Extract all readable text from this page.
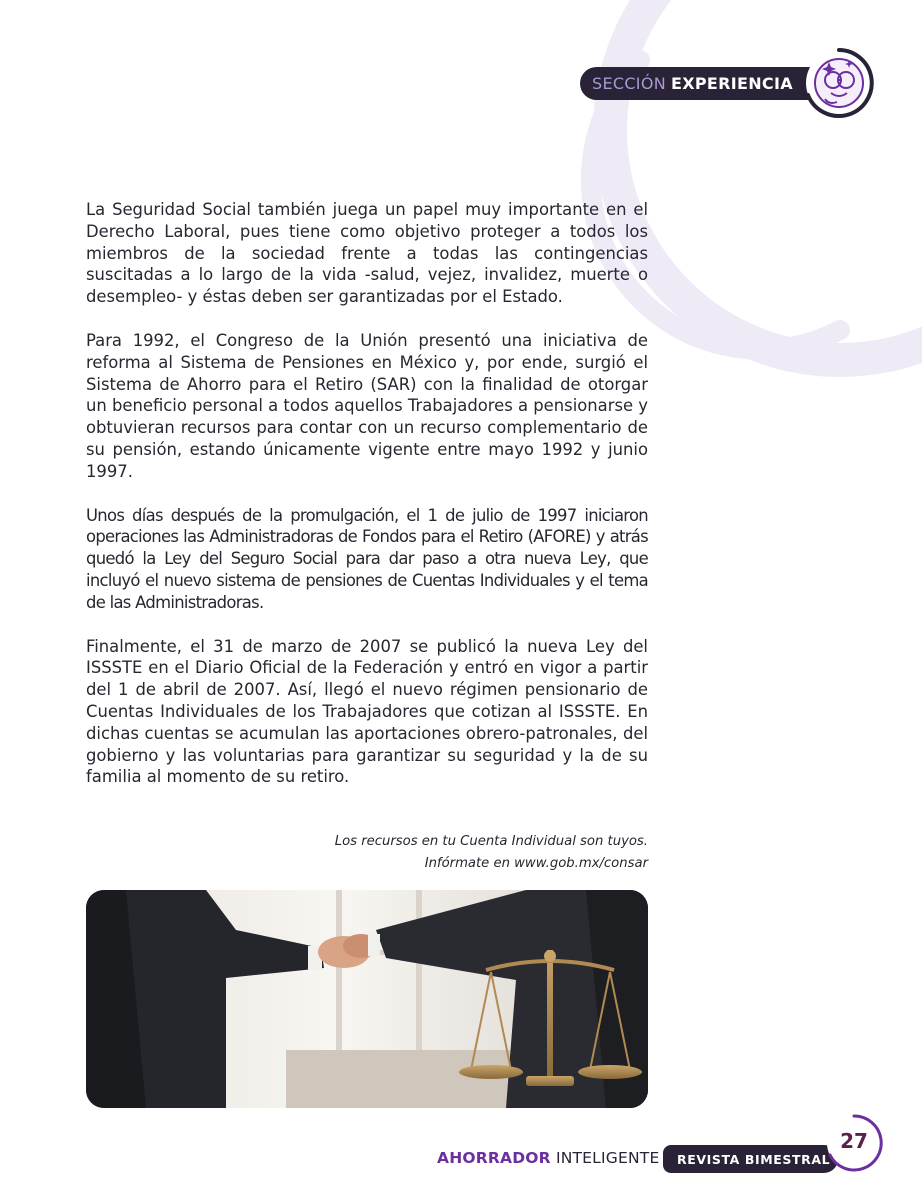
SECCIÓN EXPERIENCIA

La Seguridad Social también juega un papel muy importante en el Derecho Laboral, pues tiene como objetivo proteger a todos los miembros de la sociedad frente a todas las contingencias suscitadas a lo largo de la vida -salud, vejez, invalidez, muerte o desempleo- y éstas deben ser garantizadas por el Estado.

Para 1992, el Congreso de la Unión presentó una iniciativa de reforma al Sistema de Pensiones en México y, por ende, surgió el Sistema de Ahorro para el Retiro (SAR) con la finalidad de otorgar un beneficio personal a todos aquellos Trabajadores a pensionarse y obtuvieran recursos para contar con un recurso complementario de su pensión, estando únicamente vigente entre mayo 1992 y junio 1997.

Unos días después de la promulgación, el 1 de julio de 1997 iniciaron operaciones las Administradoras de Fondos para el Retiro (AFORE) y atrás quedó la Ley del Seguro Social para dar paso a otra nueva Ley, que incluyó el nuevo sistema de pensiones de Cuentas Individuales y el tema de las Administradoras.

Finalmente, el 31 de marzo de 2007 se publicó la nueva Ley del ISSSTE en el Diario Oficial de la Federación y entró en vigor a partir del 1 de abril de 2007. Así, llegó el nuevo régimen pensionario de Cuentas Individuales de los Trabajadores que cotizan al ISSSTE. En dichas cuentas se acumulan las aportaciones obrero-patronales, del gobierno y las voluntarias para garantizar su seguridad y la de su familia al momento de su retiro.

Los recursos en tu Cuenta Individual son tuyos.
Infórmate en www.gob.mx/consar
AHORRADOR INTELIGENTE REVISTA BIMESTRAL
27
